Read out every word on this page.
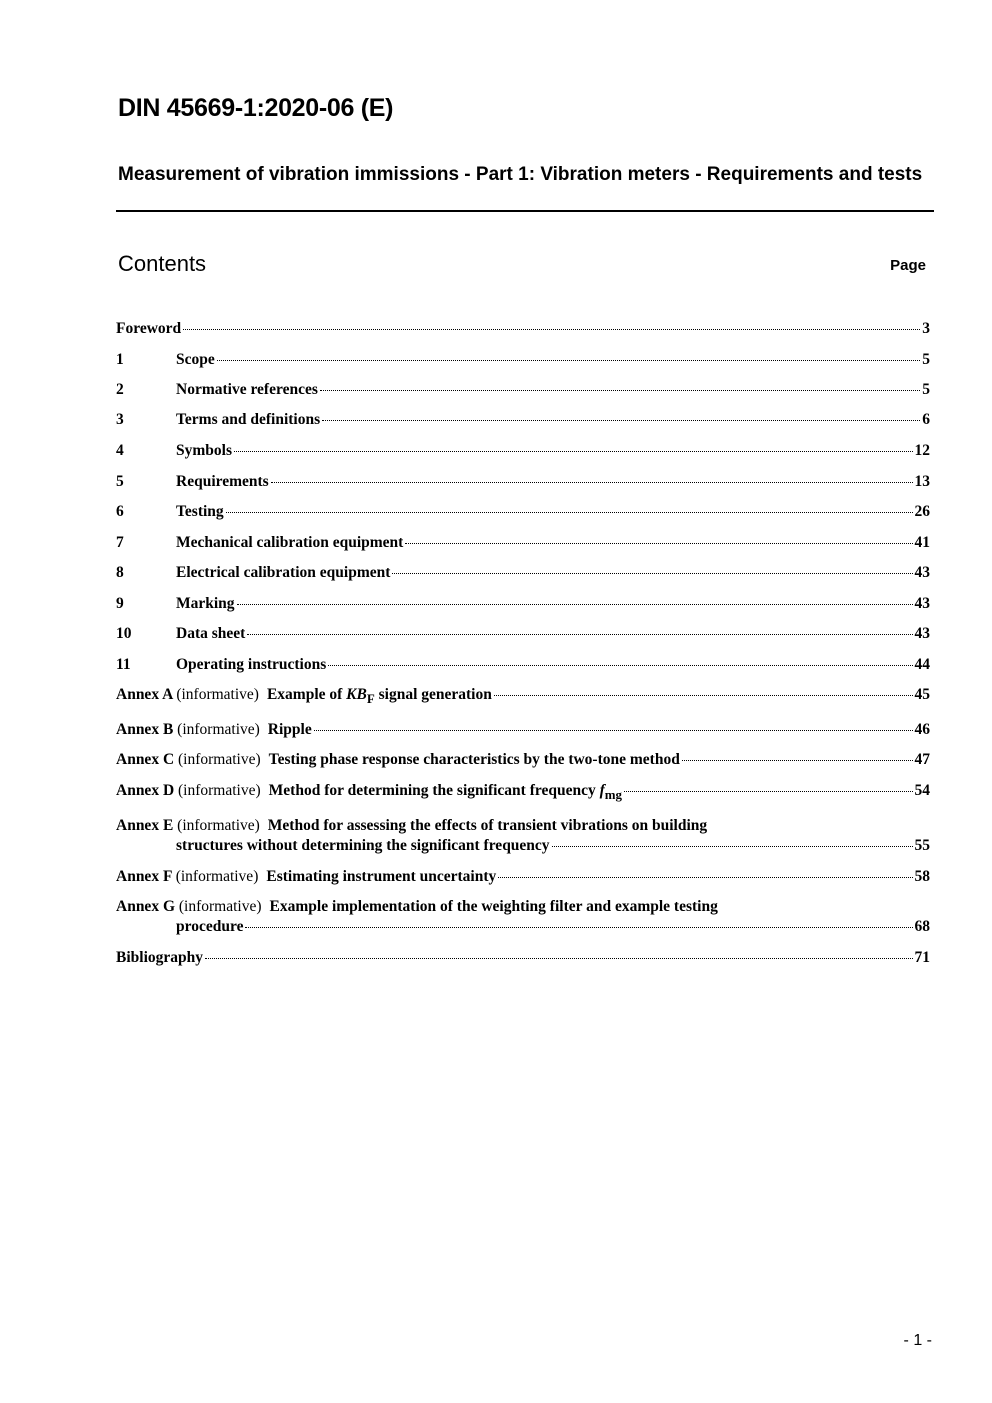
DIN 45669-1:2020-06 (E)
Measurement of vibration immissions - Part 1: Vibration meters - Requirements and tests
Contents	Page
Foreword	3
1	Scope	5
2	Normative references	5
3	Terms and definitions	6
4	Symbols	12
5	Requirements	13
6	Testing	26
7	Mechanical calibration equipment	41
8	Electrical calibration equipment	43
9	Marking	43
10	Data sheet	43
11	Operating instructions	44
Annex A (informative) Example of $KB_F$ signal generation	45
Annex B (informative) Ripple	46
Annex C (informative) Testing phase response characteristics by the two-tone method	47
Annex D (informative) Method for determining the significant frequency $f_{mg}$	54
Annex E (informative) Method for assessing the effects of transient vibrations on building
structures without determining the significant frequency	55
Annex F (informative) Estimating instrument uncertainty	58
Annex G (informative) Example implementation of the weighting filter and example testing
procedure	68
Bibliography	71
- 1 -
